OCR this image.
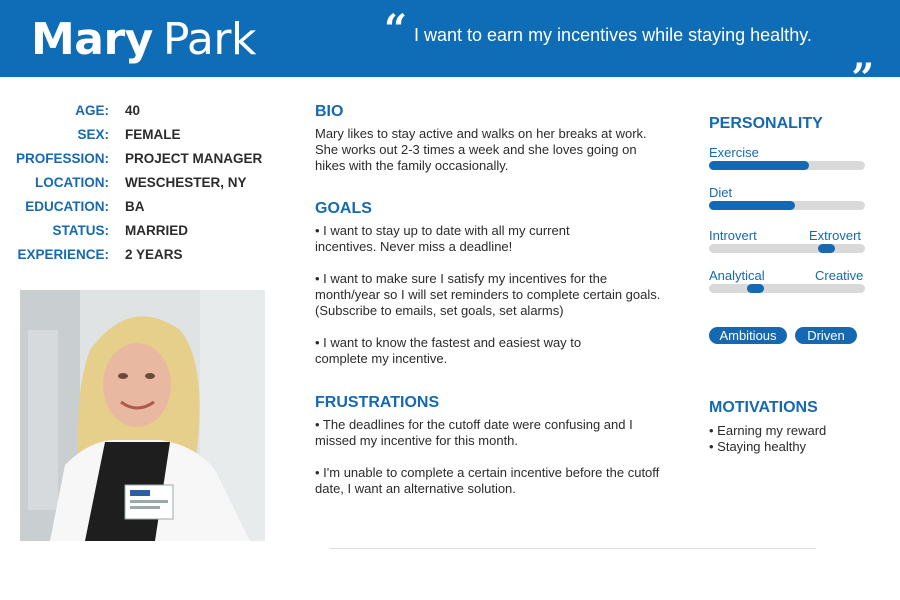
Mary Park	“ I want to earn my incentives while staying healthy. „
AGE: 40
SEX: FEMALE
PROFESSION: PROJECT MANAGER
LOCATION: WESCHESTER, NY
EDUCATION: BA
STATUS: MARRIED
EXPERIENCE: 2 YEARS
BIO
Mary likes to stay active and walks on her breaks at work. She works out 2-3 times a week and she loves going on hikes with the family occasionally.
GOALS
• I want to stay up to date with all my current incentives. Never miss a deadline!
• I want to make sure I satisfy my incentives for the month/year so I will set reminders to complete certain goals. (Subscribe to emails, set goals, set alarms)
• I want to know the fastest and easiest way to complete my incentive.
FRUSTRATIONS
• The deadlines for the cutoff date were confusing and I missed my incentive for this month.
• I'm unable to complete a certain incentive before the cutoff date, I want an alternative solution.
PERSONALITY
Exercise
Diet
Introvert	Extrovert
Analytical	Creative
Ambitious	Driven
MOTIVATIONS
• Earning my reward
• Staying healthy
